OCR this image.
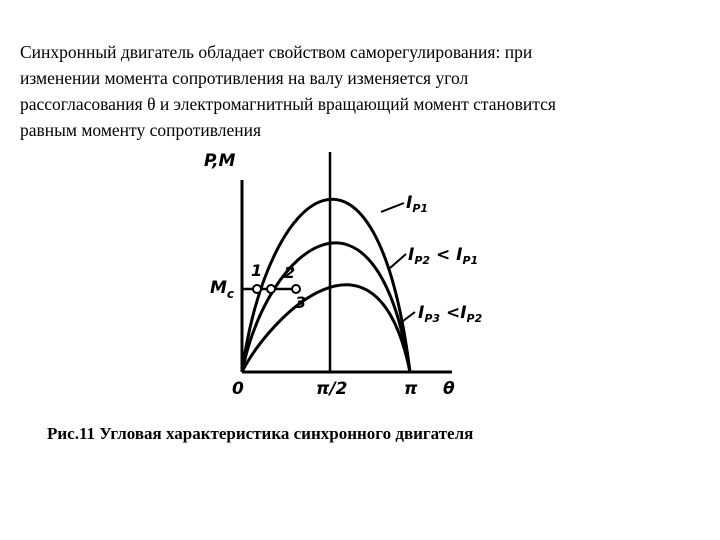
Синхронный двигатель обладает свойством саморегулирования: при
изменении момента сопротивления на валу изменяется угол
рассогласования θ и электромагнитный вращающий момент становится
равным моменту сопротивления

P,M
0	π/2	π θ
$M_c$
1 2
3
$I_{P1}$
$I_{P2} < I_{P1}$
$I_{P3} <I_{P2}$
Рис.11 Угловая характеристика синхронного двигателя
